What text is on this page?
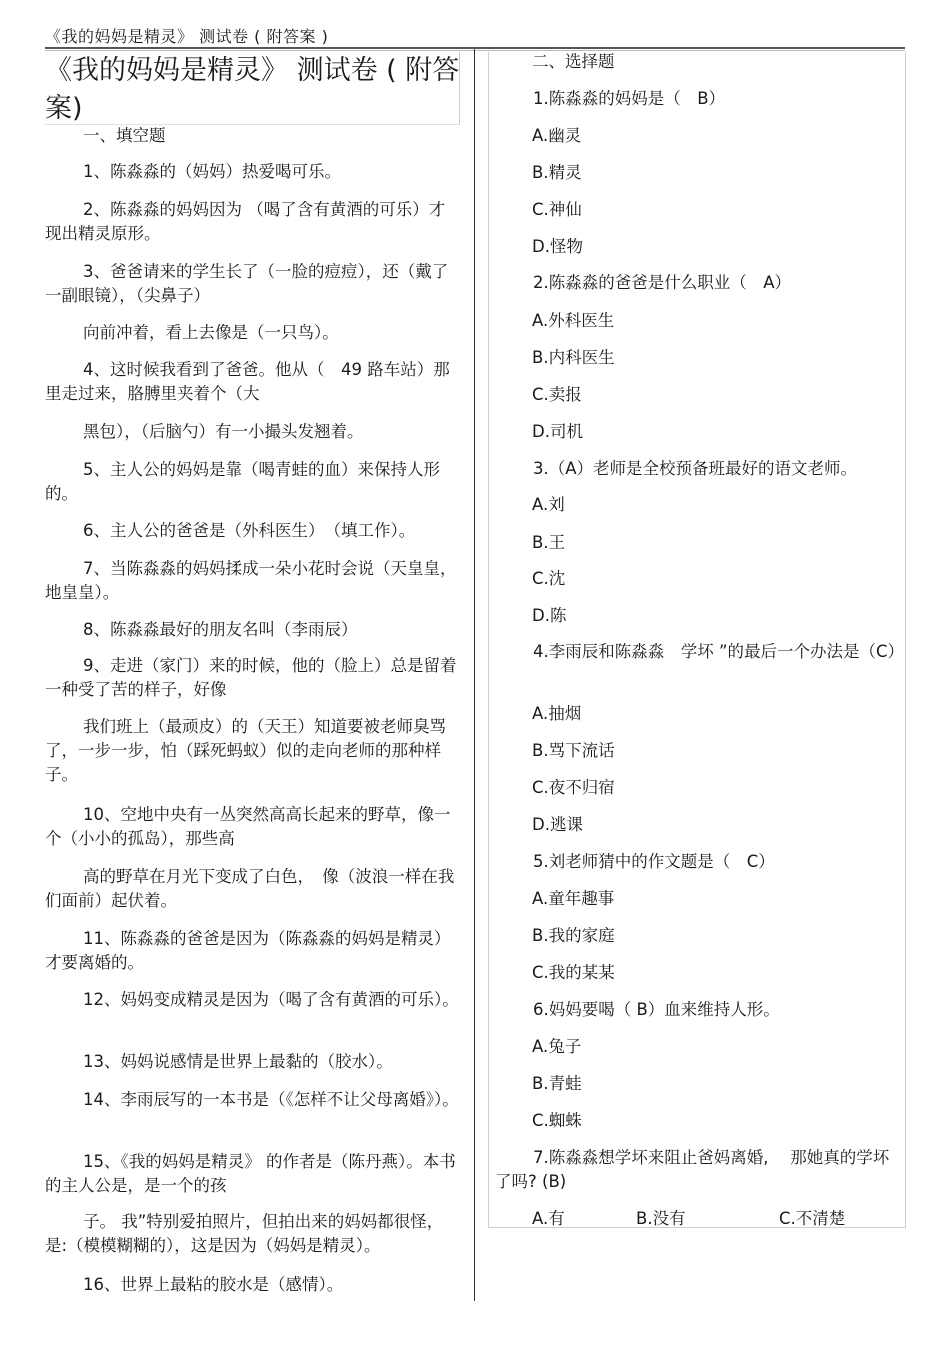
《我的妈妈是精灵》 测试卷 ( 附答案 )
《我的妈妈是精灵》 测试卷 ( 附答案)
一、填空题
1、陈淼淼的（妈妈）热爱喝可乐。
2、陈淼淼的妈妈因为 （喝了含有黄酒的可乐）才现出精灵原形。
3、爸爸请来的学生长了（一脸的痘痘），还（戴了一副眼镜），（尖鼻子）
向前冲着，看上去像是（一只鸟）。
4、这时候我看到了爸爸。他从（　49 路车站）那里走过来，胳膊里夹着个（大
黑包），（后脑勺）有一小撮头发翘着。
5、主人公的妈妈是靠（喝青蛙的血）来保持人形的。
6、主人公的爸爸是（外科医生）　（填工作）。
7、当陈淼淼的妈妈揉成一朵小花时会说（天皇皇，地皇皇）。
8、陈淼淼最好的朋友名叫（李雨辰）
9、走进（家门）来的时候，他的（脸上）总是留着一种受了苦的样子，好像
我们班上（最顽皮）的（天王）知道要被老师臭骂了，一步一步，怕（踩死蚂蚁）似的走向老师的那种样子。
10、空地中央有一丛突然高高长起来的野草，像一个（小小的孤岛），那些高
高的野草在月光下变成了白色，　像（波浪一样在我们面前）起伏着。
11、陈淼淼的爸爸是因为（陈淼淼的妈妈是精灵）才要离婚的。
12、妈妈变成精灵是因为（喝了含有黄酒的可乐）。
13、妈妈说感情是世界上最黏的（胶水）。
14、李雨辰写的一本书是（《怎样不让父母离婚》）。
15、《我的妈妈是精灵》 的作者是（陈丹燕）。本书的主人公是，是一个的孩
子。 我”特别爱拍照片，但拍出来的妈妈都很怪，是:（模模糊糊的），这是因为（妈妈是精灵）。
16、世界上最粘的胶水是（感情）。
二、选择题
1.陈淼淼的妈妈是（　B）
A.幽灵
B.精灵
C.神仙
D.怪物
2.陈淼淼的爸爸是什么职业（　A）
A.外科医生
B.内科医生
C.卖报
D.司机
3.（A）老师是全校预备班最好的语文老师。
A.刘
B.王
C.沈
D.陈
4.李雨辰和陈淼淼　学坏 ”的最后一个办法是（C）
A.抽烟
B.骂下流话
C.夜不归宿
D.逃课
5.刘老师猜中的作文题是（　C）
A.童年趣事
B.我的家庭
C.我的某某
6.妈妈要喝（ B）血来维持人形。
A.兔子
B.青蛙
C.蜘蛛
7.陈淼淼想学坏来阻止爸妈离婚,　 那她真的学坏了吗? (B)
A.有	B.没有	C.不清楚
